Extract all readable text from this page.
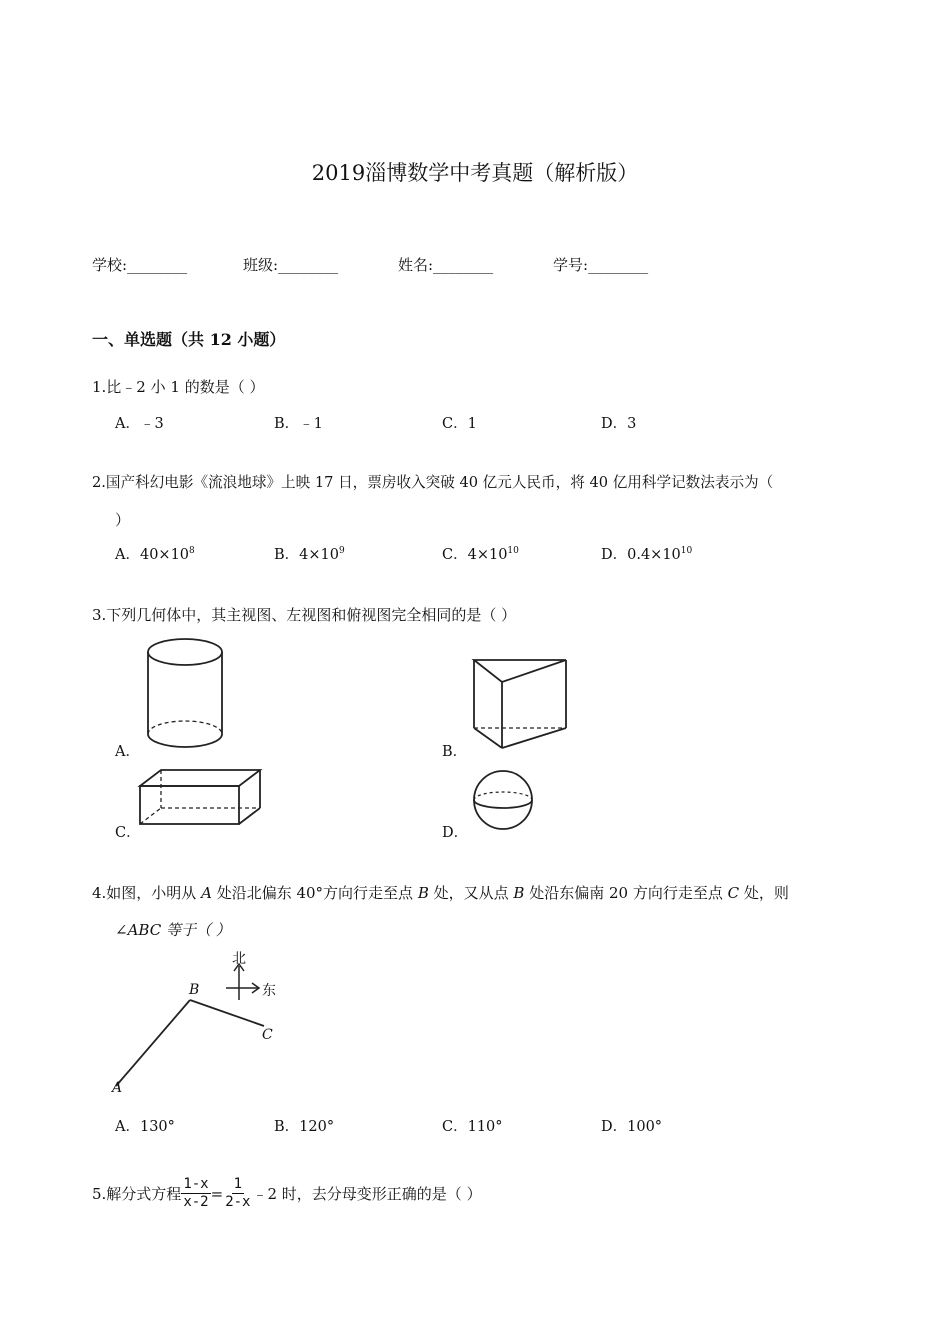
2019淄博数学中考真题（解析版）
学校:________	班级:________	姓名:________	学号:________
一、单选题（共 12 小题）
1.比﹣2 小 1 的数是（ ）
A．﹣3	B．﹣1	C．1	D．3
2.国产科幻电影《流浪地球》上映 17 日，票房收入突破 40 亿元人民币，将 40 亿用科学记数法表示为（
）
A．$40\times 10^8$	B．$4\times 10^9$	C．$4\times 10^{10}$	D．$0.4\times 10^{10}$
3.下列几何体中，其主视图、左视图和俯视图完全相同的是（ ）
A．	B．
C．	D．
4.如图，小明从 A 处沿北偏东 40°方向行走至点 B 处，又从点 B 处沿东偏南 20 方向行走至点 C 处，则
∠ABC 等于（ ）
北
东
B
C
A
A．130°	B．120°	C．110°	D．100°
5.解分式方程 $\frac{1-x}{x-2} = \frac{1}{2-x}$ ﹣2 时，去分母变形正确的是（ ）
